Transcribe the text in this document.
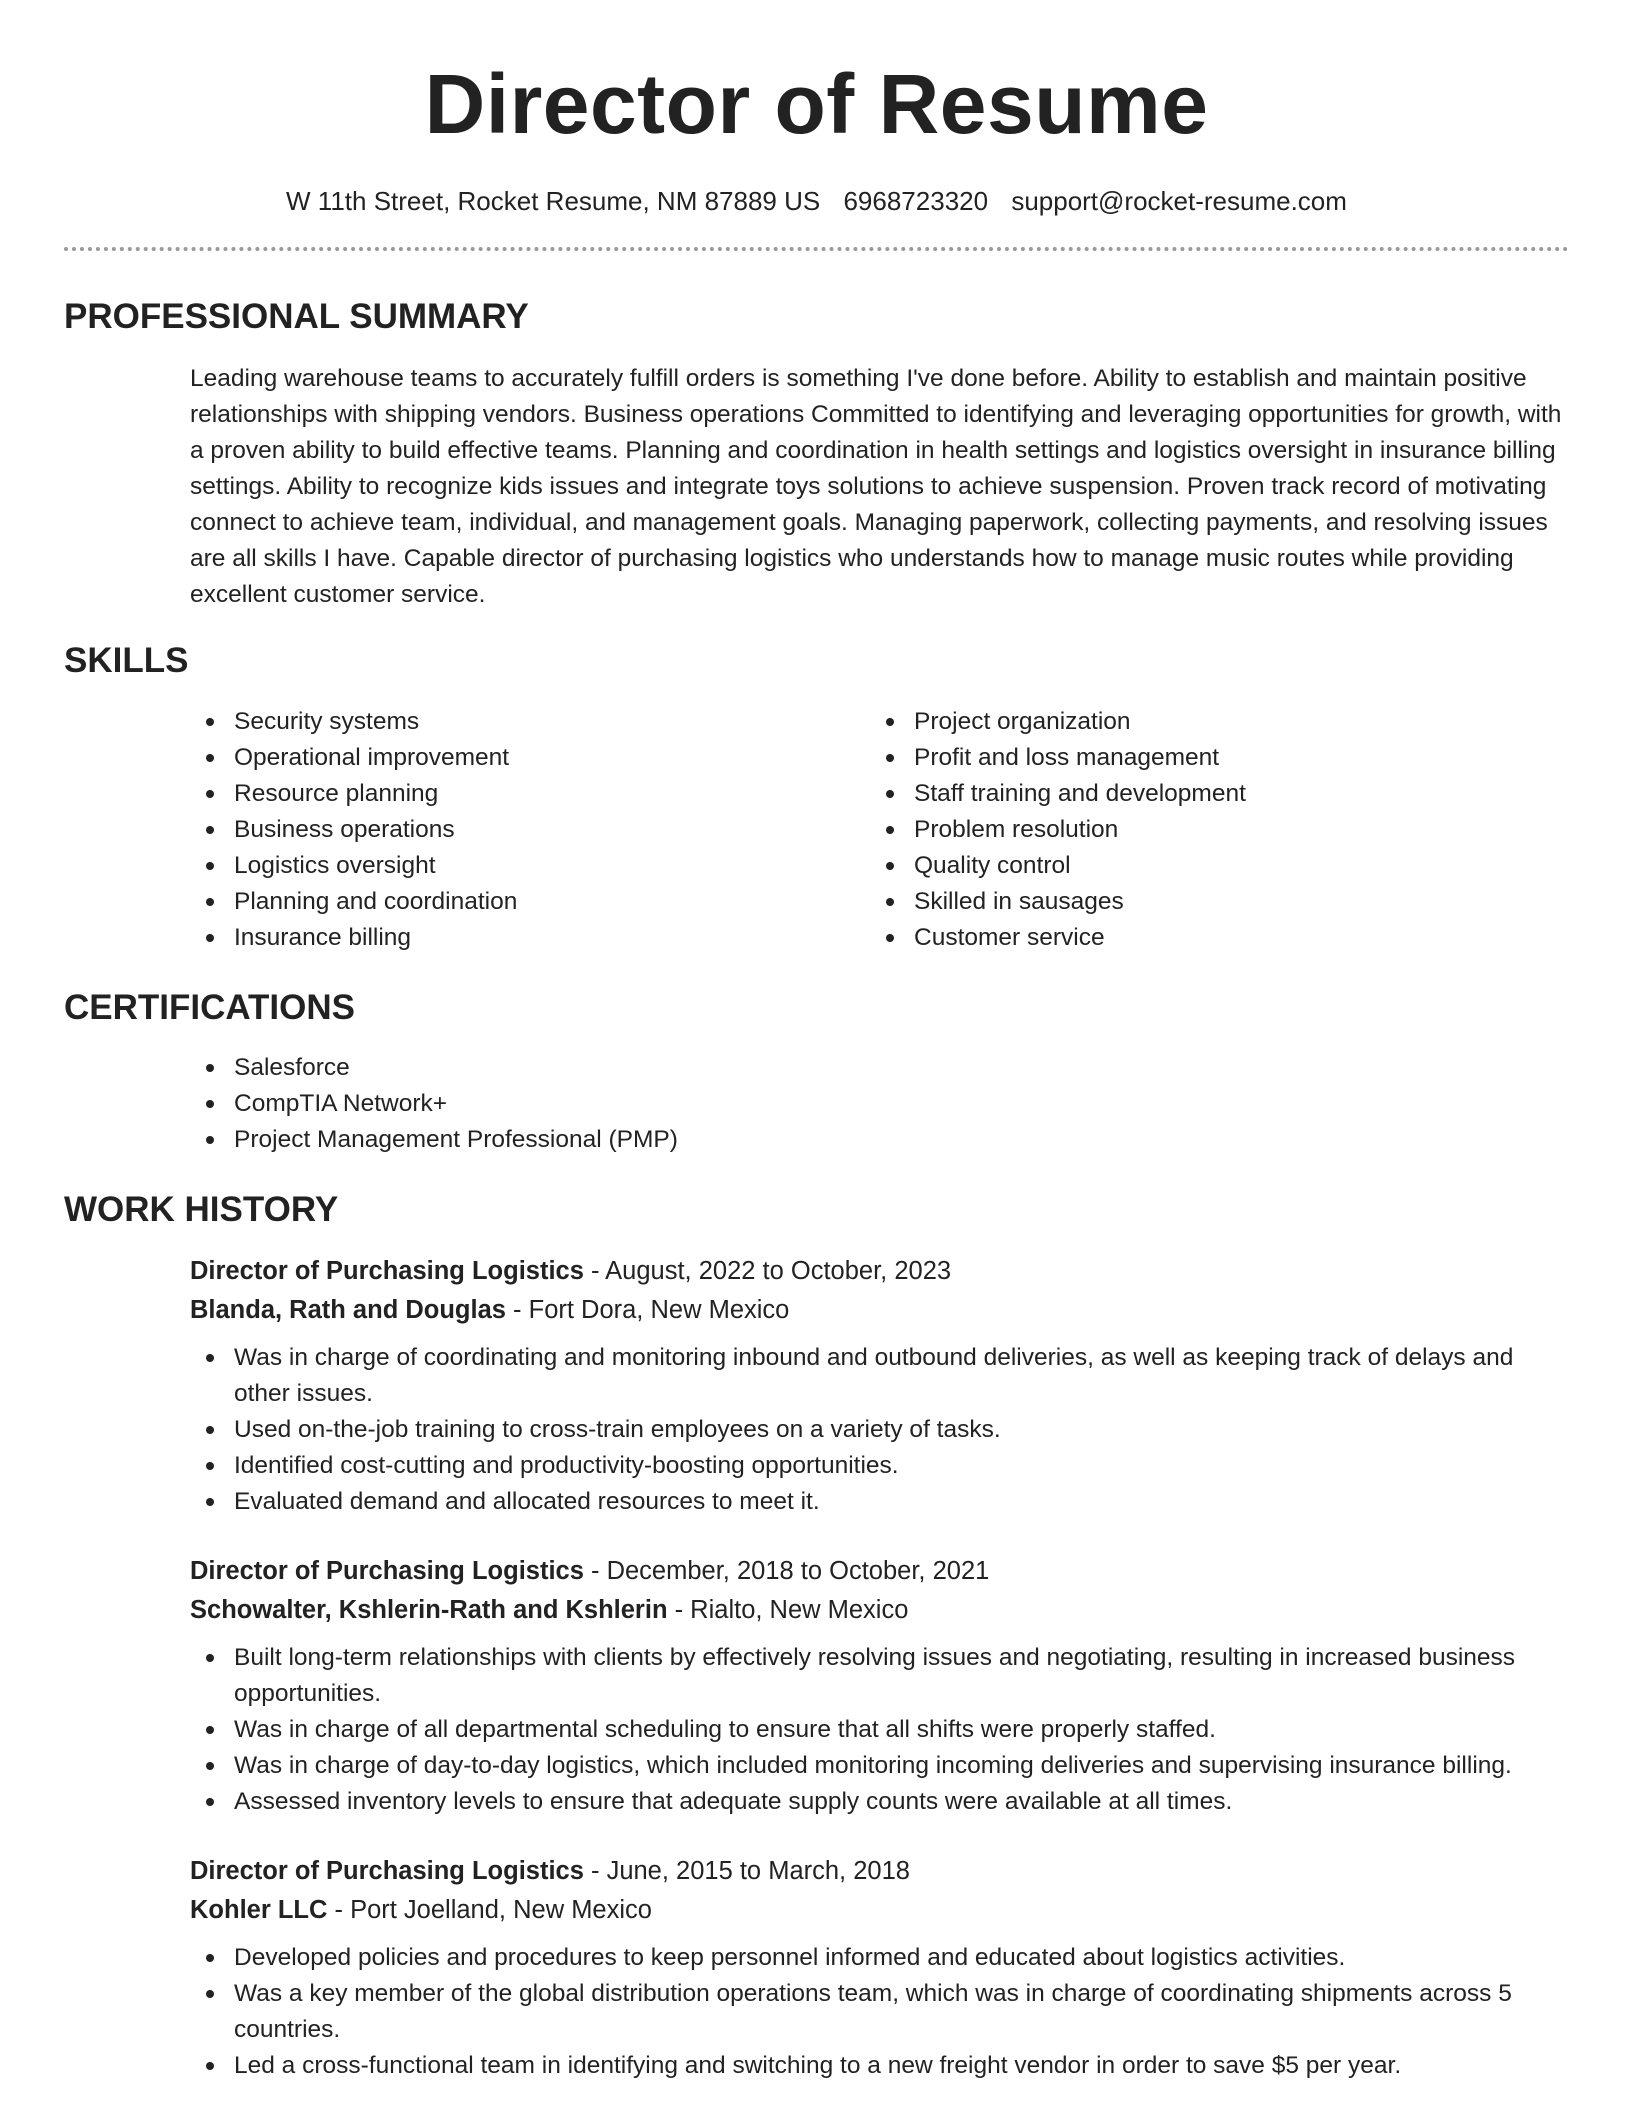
Director of Resume
W 11th Street, Rocket Resume, NM 87889 US 6968723320 support@rocket-resume.com
PROFESSIONAL SUMMARY

Leading warehouse teams to accurately fulfill orders is something I've done before. Ability to establish and maintain positive relationships with shipping vendors. Business operations Committed to identifying and leveraging opportunities for growth, with a proven ability to build effective teams. Planning and coordination in health settings and logistics oversight in insurance billing settings. Ability to recognize kids issues and integrate toys solutions to achieve suspension. Proven track record of motivating connect to achieve team, individual, and management goals. Managing paperwork, collecting payments, and resolving issues are all skills I have. Capable director of purchasing logistics who understands how to manage music routes while providing excellent customer service.

SKILLS
Security systems
Operational improvement
Resource planning
Business operations
Logistics oversight
Planning and coordination
Insurance billing
Project organization
Profit and loss management
Staff training and development
Problem resolution
Quality control
Skilled in sausages
Customer service
CERTIFICATIONS
Salesforce
CompTIA Network+
Project Management Professional (PMP)
WORK HISTORY
Director of Purchasing Logistics - August, 2022 to October, 2023
Blanda, Rath and Douglas - Fort Dora, New Mexico
Was in charge of coordinating and monitoring inbound and outbound deliveries, as well as keeping track of delays and other issues.
Used on-the-job training to cross-train employees on a variety of tasks.
Identified cost-cutting and productivity-boosting opportunities.
Evaluated demand and allocated resources to meet it.
Director of Purchasing Logistics - December, 2018 to October, 2021
Schowalter, Kshlerin-Rath and Kshlerin - Rialto, New Mexico
Built long-term relationships with clients by effectively resolving issues and negotiating, resulting in increased business opportunities.
Was in charge of all departmental scheduling to ensure that all shifts were properly staffed.
Was in charge of day-to-day logistics, which included monitoring incoming deliveries and supervising insurance billing.
Assessed inventory levels to ensure that adequate supply counts were available at all times.
Director of Purchasing Logistics - June, 2015 to March, 2018
Kohler LLC - Port Joelland, New Mexico
Developed policies and procedures to keep personnel informed and educated about logistics activities.
Was a key member of the global distribution operations team, which was in charge of coordinating shipments across 5 countries.
Led a cross-functional team in identifying and switching to a new freight vendor in order to save $5 per year.
